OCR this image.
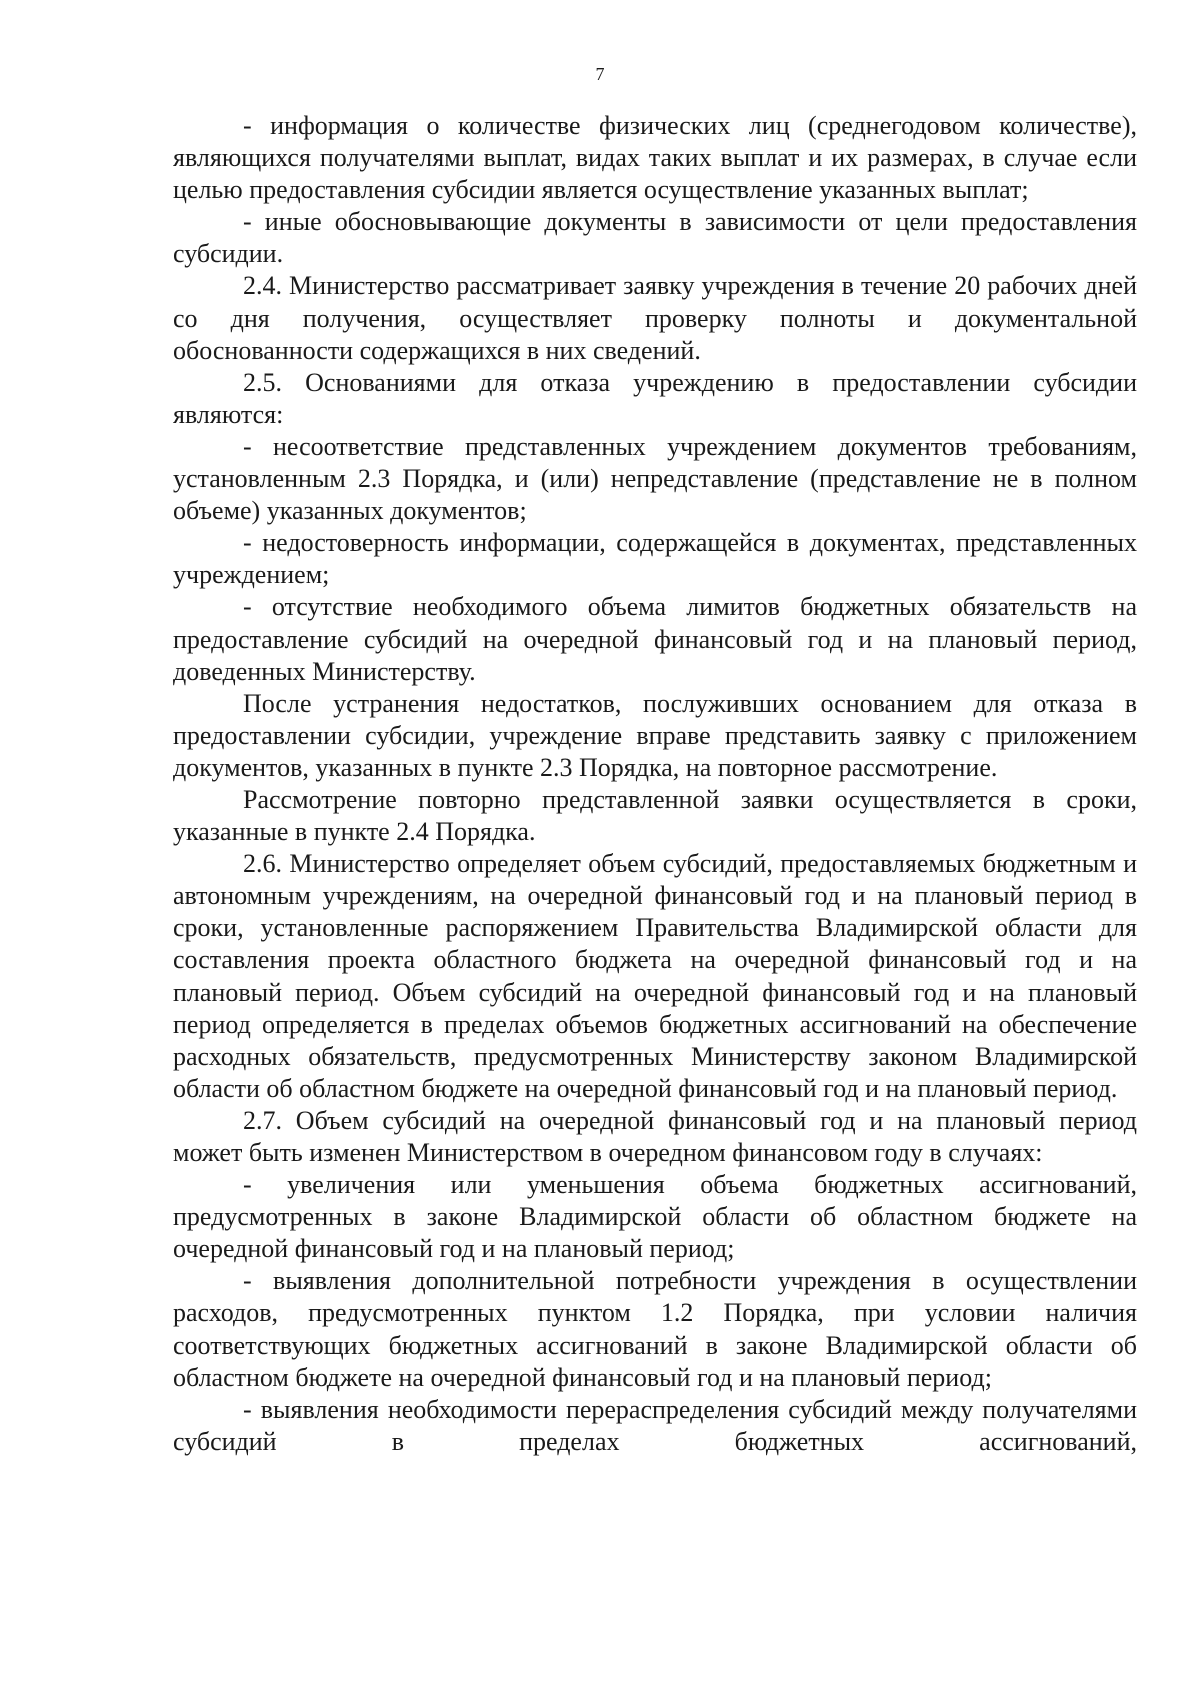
7

- информация о количестве физических лиц (среднегодовом количестве), являющихся получателями выплат, видах таких выплат и их размерах, в случае если целью предоставления субсидии является осуществление указанных выплат;

- иные обосновывающие документы в зависимости от цели предоставления субсидии.

2.4. Министерство рассматривает заявку учреждения в течение 20 рабочих дней со дня получения, осуществляет проверку полноты и документальной обоснованности содержащихся в них сведений.

2.5. Основаниями для отказа учреждению в предоставлении субсидии являются:

- несоответствие представленных учреждением документов требованиям, установленным 2.3 Порядка, и (или) непредставление (представление не в полном объеме) указанных документов;

- недостоверность информации, содержащейся в документах, представленных учреждением;

- отсутствие необходимого объема лимитов бюджетных обязательств на предоставление субсидий на очередной финансовый год и на плановый период, доведенных Министерству.

После устранения недостатков, послуживших основанием для отказа в предоставлении субсидии, учреждение вправе представить заявку с приложением документов, указанных в пункте 2.3 Порядка, на повторное рассмотрение.

Рассмотрение повторно представленной заявки осуществляется в сроки, указанные в пункте 2.4 Порядка.

2.6. Министерство определяет объем субсидий, предоставляемых бюджетным и автономным учреждениям, на очередной финансовый год и на плановый период в сроки, установленные распоряжением Правительства Владимирской области для составления проекта областного бюджета на очередной финансовый год и на плановый период. Объем субсидий на очередной финансовый год и на плановый период определяется в пределах объемов бюджетных ассигнований на обеспечение расходных обязательств, предусмотренных Министерству законом Владимирской области об областном бюджете на очередной финансовый год и на плановый период.

2.7. Объем субсидий на очередной финансовый год и на плановый период может быть изменен Министерством в очередном финансовом году в случаях:

- увеличения или уменьшения объема бюджетных ассигнований, предусмотренных в законе Владимирской области об областном бюджете на очередной финансовый год и на плановый период;

- выявления дополнительной потребности учреждения в осуществлении расходов, предусмотренных пунктом 1.2 Порядка, при условии наличия соответствующих бюджетных ассигнований в законе Владимирской области об областном бюджете на очередной финансовый год и на плановый период;

- выявления необходимости перераспределения субсидий между получателями субсидий в пределах бюджетных ассигнований,
